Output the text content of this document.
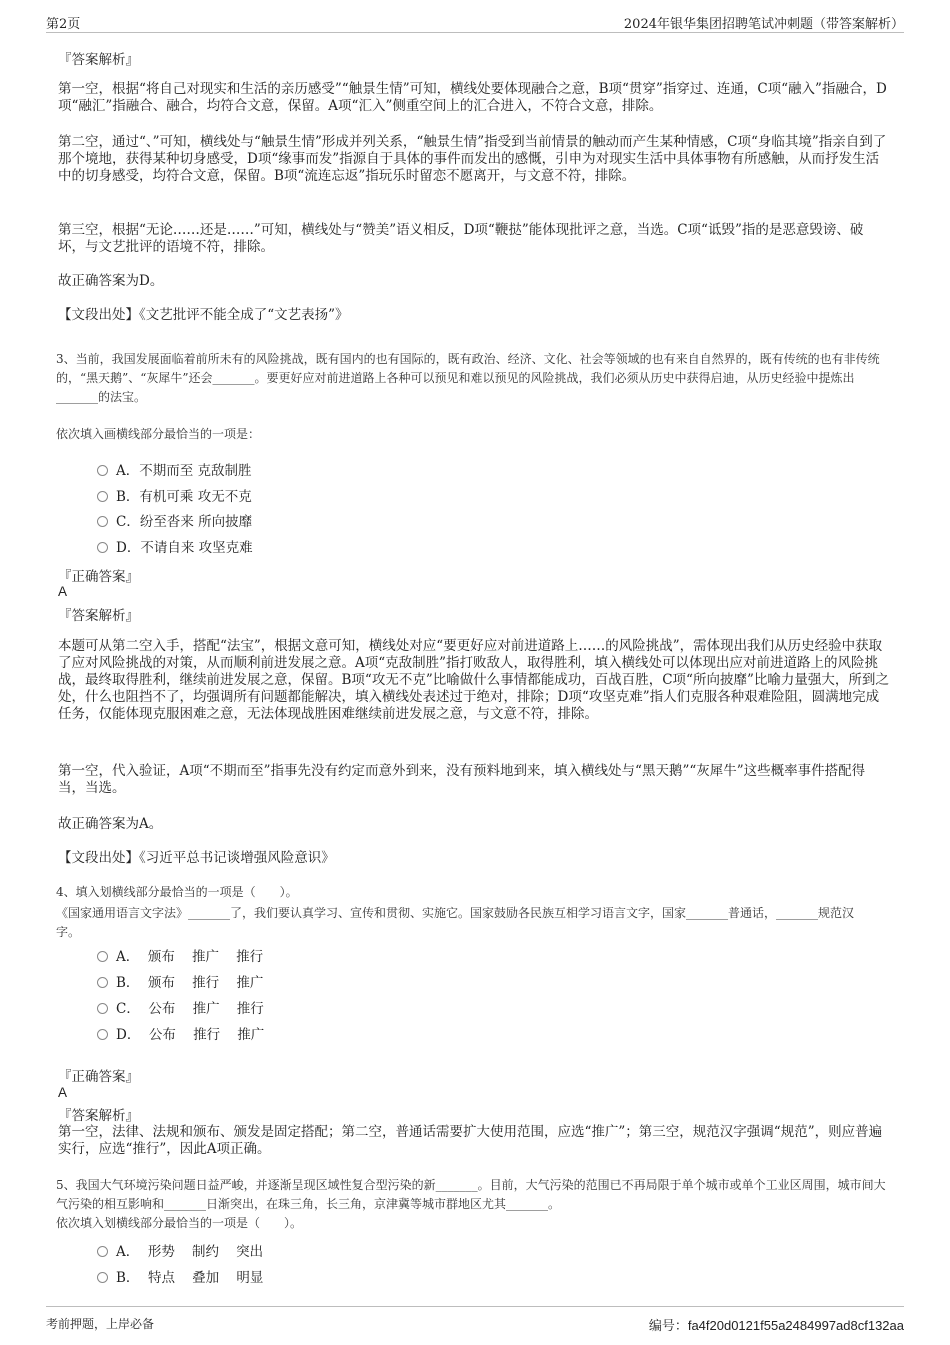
第2页	2024年银华集团招聘笔试冲刺题（带答案解析）
『答案解析』

第一空，根据“将自己对现实和生活的亲历感受”“触景生情”可知，横线处要体现融合之意，B项“贯穿”指穿过、连通，C项“融入”指融合，D项“融汇”指融合、融合，均符合文意，保留。A项“汇入”侧重空间上的汇合进入，不符合文意，排除。

第二空，通过“、”可知，横线处与“触景生情”形成并列关系，“触景生情”指受到当前情景的触动而产生某种情感，C项“身临其境”指亲自到了那个境地，获得某种切身感受，D项“缘事而发”指源自于具体的事件而发出的感慨，引申为对现实生活中具体事物有所感触，从而抒发生活中的切身感受，均符合文意，保留。B项“流连忘返”指玩乐时留恋不愿离开，与文意不符，排除。

第三空，根据“无论……还是……”可知，横线处与“赞美”语义相反，D项“鞭挞”能体现批评之意，当选。C项“诋毁”指的是恶意毁谤、破坏，与文艺批评的语境不符，排除。

故正确答案为D。
【文段出处】《文艺批评不能全成了“文艺表扬”》

3、当前，我国发展面临着前所未有的风险挑战，既有国内的也有国际的，既有政治、经济、文化、社会等领域的也有来自自然界的，既有传统的也有非传统的，“黑天鹅”、“灰犀牛”还会_______。要更好应对前进道路上各种可以预见和难以预见的风险挑战，我们必须从历史中获得启迪，从历史经验中提炼出_______的法宝。

依次填入画横线部分最恰当的一项是：
A．不期而至 克敌制胜
B．有机可乘 攻无不克
C．纷至沓来 所向披靡
D．不请自来 攻坚克难
『正确答案』
A
『答案解析』

本题可从第二空入手，搭配“法宝”，根据文意可知，横线处对应“要更好应对前进道路上……的风险挑战”，需体现出我们从历史经验中获取了应对风险挑战的对策，从而顺利前进发展之意。A项“克敌制胜”指打败敌人，取得胜利，填入横线处可以体现出应对前进道路上的风险挑战，最终取得胜利，继续前进发展之意，保留。B项“攻无不克”比喻做什么事情都能成功，百战百胜，C项“所向披靡”比喻力量强大，所到之处，什么也阻挡不了，均强调所有问题都能解决，填入横线处表述过于绝对，排除；D项“攻坚克难”指人们克服各种艰难险阻，圆满地完成任务，仅能体现克服困难之意，无法体现战胜困难继续前进发展之意，与文意不符，排除。

第一空，代入验证，A项“不期而至”指事先没有约定而意外到来，没有预料地到来，填入横线处与“黑天鹅”“灰犀牛”这些概率事件搭配得当，当选。

故正确答案为A。
【文段出处】《习近平总书记谈增强风险意识》
4、填入划横线部分最恰当的一项是（　　）。

《国家通用语言文字法》_______了，我们要认真学习、宣传和贯彻、实施它。国家鼓励各民族互相学习语言文字，国家_______普通话，_______规范汉字。

A．  颁布    推广    推行
B．  颁布    推行    推广
C．  公布    推广    推行
D．  公布    推行    推广
『正确答案』
A
『答案解析』

第一空，法律、法规和颁布、颁发是固定搭配；第二空，普通话需要扩大使用范围，应选“推广”；第三空，规范汉字强调“规范”，则应普遍实行，应选“推行”，因此A项正确。

5、我国大气环境污染问题日益严峻，并逐渐呈现区域性复合型污染的新_______。目前，大气污染的范围已不再局限于单个城市或单个工业区周围，城市间大气污染的相互影响和_______日渐突出，在珠三角，长三角，京津冀等城市群地区尤其_______。

依次填入划横线部分最恰当的一项是（　　）。
A．  形势    制约    突出
B．  特点    叠加    明显
考前押题，上岸必备	编号：fa4f20d0121f55a2484997ad8cf132aa
